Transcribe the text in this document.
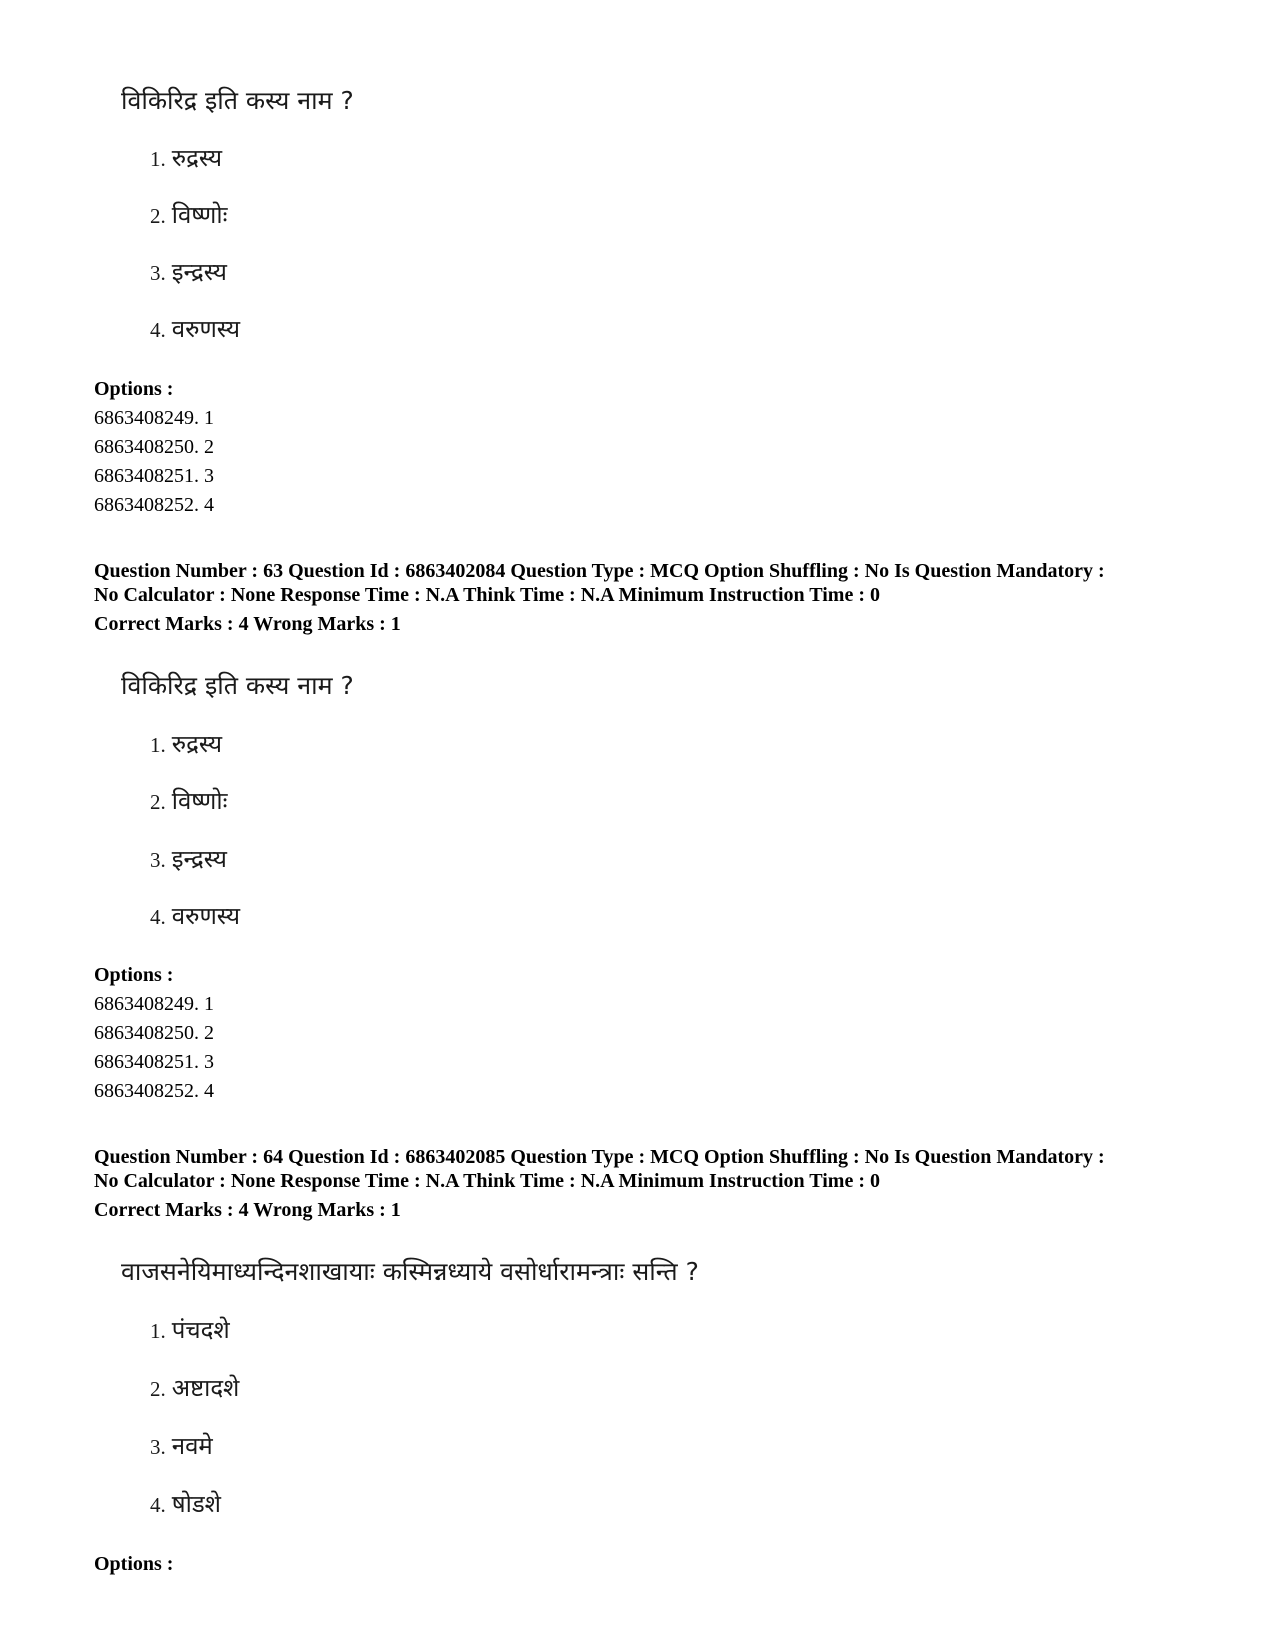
विकिरिद्र इति कस्य नाम ?
1. रुद्रस्य
2. विष्णोः
3. इन्द्रस्य
4. वरुणस्य
Options :
6863408249. 1
6863408250. 2
6863408251. 3
6863408252. 4
Question Number : 63 Question Id : 6863402084 Question Type : MCQ Option Shuffling : No Is Question Mandatory :
No Calculator : None Response Time : N.A Think Time : N.A Minimum Instruction Time : 0
Correct Marks : 4 Wrong Marks : 1
विकिरिद्र इति कस्य नाम ?
1. रुद्रस्य
2. विष्णोः
3. इन्द्रस्य
4. वरुणस्य
Options :
6863408249. 1
6863408250. 2
6863408251. 3
6863408252. 4
Question Number : 64 Question Id : 6863402085 Question Type : MCQ Option Shuffling : No Is Question Mandatory :
No Calculator : None Response Time : N.A Think Time : N.A Minimum Instruction Time : 0
Correct Marks : 4 Wrong Marks : 1
वाजसनेयिमाध्यन्दिनशाखायाः कस्मिन्नध्याये वसोर्धारामन्त्राः सन्ति ?
1. पंचदशे
2. अष्टादशे
3. नवमे
4. षोडशे
Options :
